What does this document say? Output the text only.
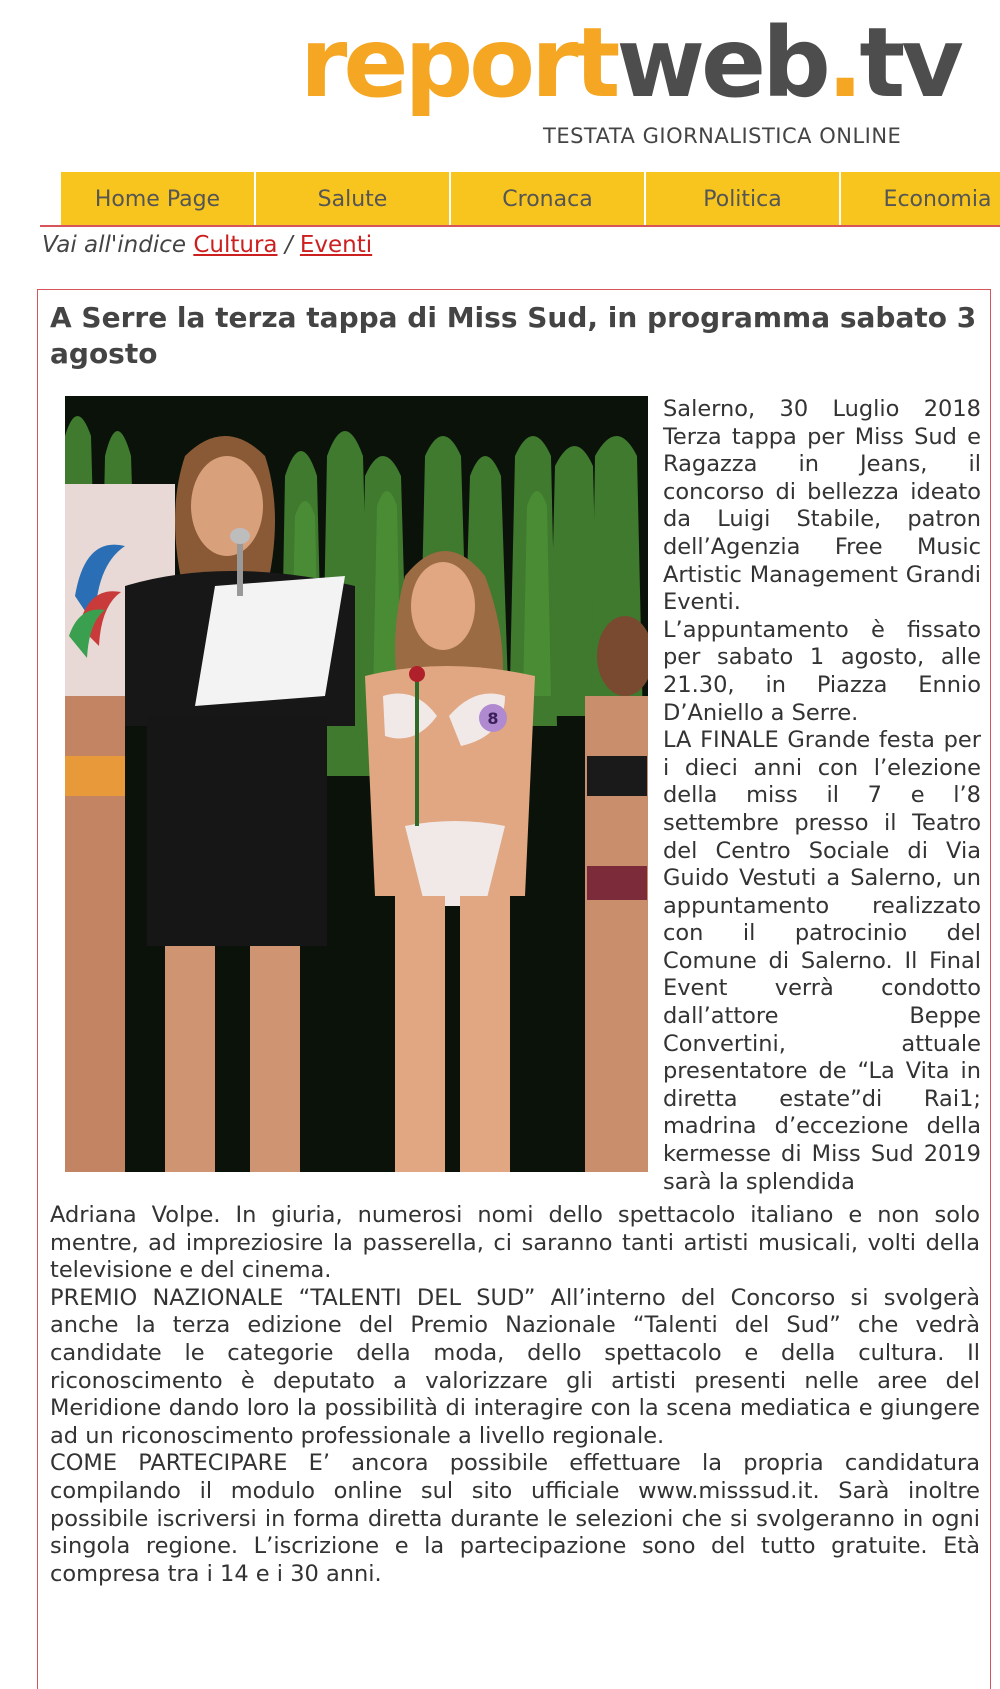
reportweb.tv
TESTATA GIORNALISTICA ONLINE
Home Page	Salute	Cronaca	Politica	Economia
Vai all'indice Cultura / Eventi
A Serre la terza tappa di Miss Sud, in programma sabato 3 agosto
8

Salerno, 30 Luglio 2018 Terza tappa per Miss Sud e Ragazza in Jeans, il concorso di bellezza ideato da Luigi Stabile, patron dell’Agenzia Free Music Artistic Management Grandi Eventi.

L’appuntamento è fissato per sabato 1 agosto, alle 21.30, in Piazza Ennio D’Aniello a Serre.

LA FINALE Grande festa per i dieci anni con l’elezione della miss il 7 e l’8 settembre presso il Teatro del Centro Sociale di Via Guido Vestuti a Salerno, un appuntamento realizzato con il patrocinio del Comune di Salerno. Il Final Event verrà condotto dall’attore Beppe Convertini, attuale presentatore de “La Vita in diretta estate”di Rai1; madrina d’eccezione della kermesse di Miss Sud 2019 sarà la splendida

Adriana Volpe. In giuria, numerosi nomi dello spettacolo italiano e non solo mentre, ad impreziosire la passerella, ci saranno tanti artisti musicali, volti della televisione e del cinema.

PREMIO NAZIONALE “TALENTI DEL SUD” All’interno del Concorso si svolgerà anche la terza edizione del Premio Nazionale “Talenti del Sud” che vedrà candidate le categorie della moda, dello spettacolo e della cultura. Il riconoscimento è deputato a valorizzare gli artisti presenti nelle aree del Meridione dando loro la possibilità di interagire con la scena mediatica e giungere ad un riconoscimento professionale a livello regionale.

COME PARTECIPARE E’ ancora possibile effettuare la propria candidatura compilando il modulo online sul sito ufficiale www.misssud.it. Sarà inoltre possibile iscriversi in forma diretta durante le selezioni che si svolgeranno in ogni singola regione. L’iscrizione e la partecipazione sono del tutto gratuite. Età compresa tra i 14 e i 30 anni.
